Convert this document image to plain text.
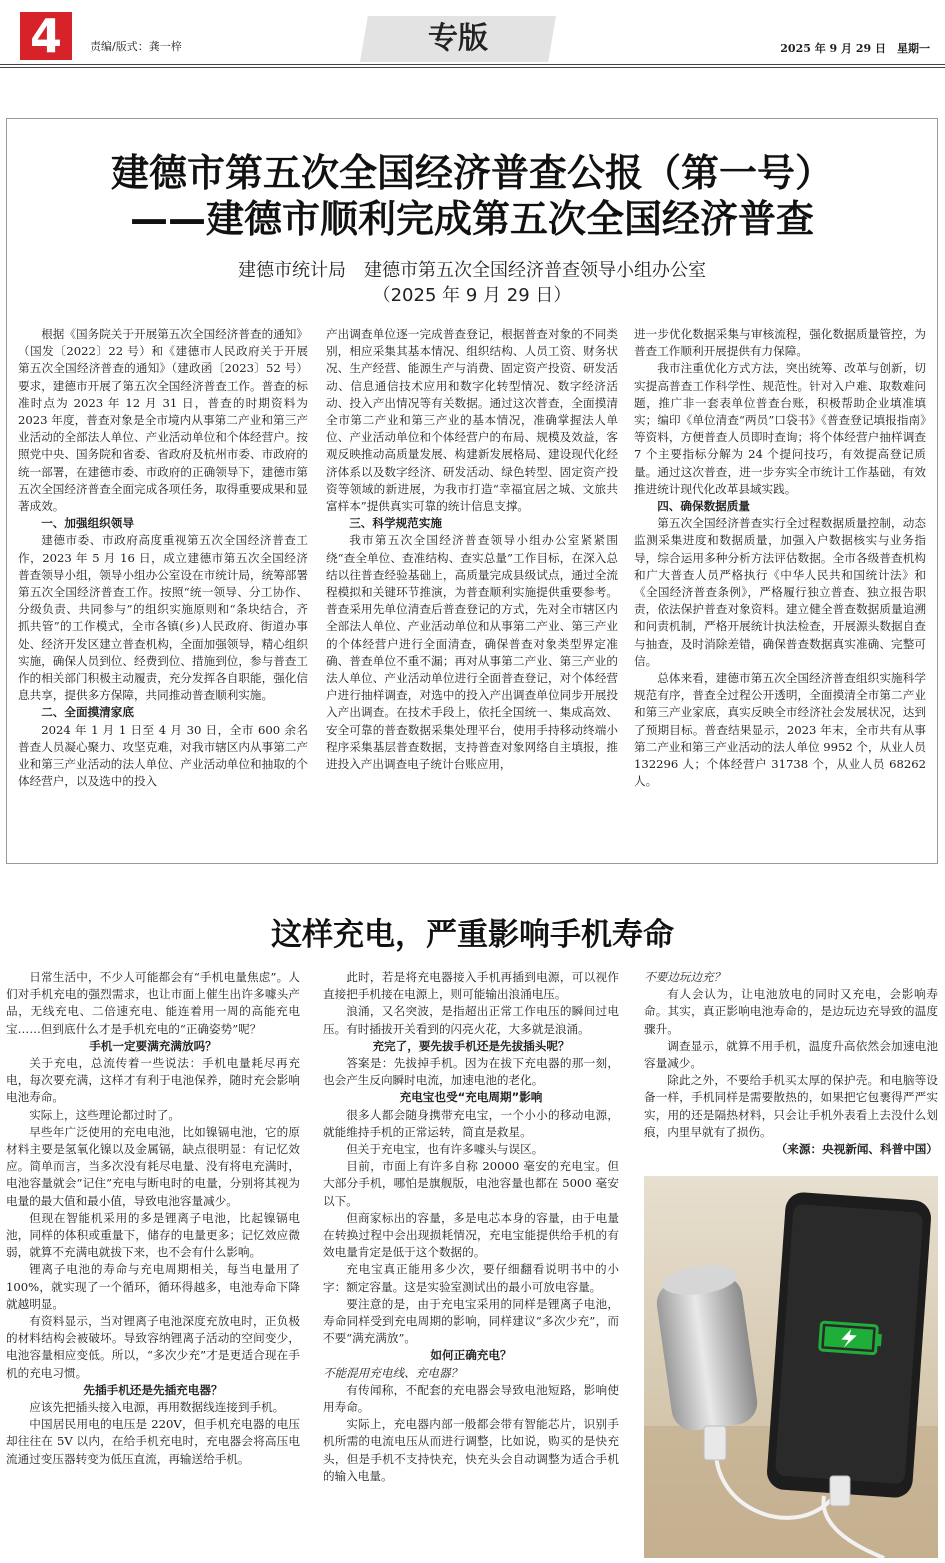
4	责编/版式：龚一梓	专版	2025 年 9 月 29 日　星期一
建德市第五次全国经济普查公报（第一号）
——建德市顺利完成第五次全国经济普查
建德市统计局　建德市第五次全国经济普查领导小组办公室
（2025 年 9 月 29 日）

根据《国务院关于开展第五次全国经济普查的通知》（国发〔2022〕22 号）和《建德市人民政府关于开展第五次全国经济普查的通知》（建政函〔2023〕52 号）要求，建德市开展了第五次全国经济普查工作。普查的标准时点为 2023 年 12 月 31 日，普查的时期资料为 2023 年度，普查对象是全市境内从事第二产业和第三产业活动的全部法人单位、产业活动单位和个体经营户。按照党中央、国务院和省委、省政府及杭州市委、市政府的统一部署，在建德市委、市政府的正确领导下，建德市第五次全国经济普查全面完成各项任务，取得重要成果和显著成效。

一、加强组织领导

建德市委、市政府高度重视第五次全国经济普查工作，2023 年 5 月 16 日，成立建德市第五次全国经济普查领导小组，领导小组办公室设在市统计局，统筹部署第五次全国经济普查工作。按照“统一领导、分工协作、分级负责、共同参与”的组织实施原则和“条块结合，齐抓共管”的工作模式，全市各镇(乡)人民政府、街道办事处、经济开发区建立普查机构，全面加强领导，精心组织实施，确保人员到位、经费到位、措施到位，参与普查工作的相关部门积极主动履责，充分发挥各自职能，强化信息共享，提供多方保障，共同推动普查顺利实施。

二、全面摸清家底

2024 年 1 月 1 日至 4 月 30 日，全市 600 余名普查人员凝心聚力、攻坚克难，对我市辖区内从事第二产业和第三产业活动的法人单位、产业活动单位和抽取的个体经营户，以及选中的投入

产出调查单位逐一完成普查登记，根据普查对象的不同类别，相应采集其基本情况、组织结构、人员工资、财务状况、生产经营、能源生产与消费、固定资产投资、研发活动、信息通信技术应用和数字化转型情况、数字经济活动、投入产出情况等有关数据。通过这次普查，全面摸清全市第二产业和第三产业的基本情况，准确掌握法人单位、产业活动单位和个体经营户的布局、规模及效益，客观反映推动高质量发展、构建新发展格局、建设现代化经济体系以及数字经济、研发活动、绿色转型、固定资产投资等领域的新进展，为我市打造“幸福宜居之城、文旅共富样本”提供真实可靠的统计信息支撑。

三、科学规范实施

我市第五次全国经济普查领导小组办公室紧紧围绕“查全单位、查准结构、查实总量”工作目标，在深入总结以往普查经验基础上，高质量完成县级试点，通过全流程模拟和关键环节推演，为普查顺利实施提供重要参考。普查采用先单位清查后普查登记的方式，先对全市辖区内全部法人单位、产业活动单位和从事第二产业、第三产业的个体经营户进行全面清查，确保普查对象类型界定准确、普查单位不重不漏；再对从事第二产业、第三产业的法人单位、产业活动单位进行全面普查登记，对个体经营户进行抽样调查，对选中的投入产出调查单位同步开展投入产出调查。在技术手段上，依托全国统一、集成高效、安全可靠的普查数据采集处理平台，使用手持移动终端小程序采集基层普查数据，支持普查对象网络自主填报，推进投入产出调查电子统计台账应用，

进一步优化数据采集与审核流程，强化数据质量管控，为普查工作顺利开展提供有力保障。

我市注重优化方式方法，突出统筹、改革与创新，切实提高普查工作科学性、规范性。针对入户难、取数难问题，推广非一套表单位普查台账，积极帮助企业填准填实；编印《单位清查“两员”口袋书》《普查登记填报指南》等资料，方便普查人员即时查询；将个体经营户抽样调查 7 个主要指标分解为 24 个提问技巧，有效提高登记质量。通过这次普查，进一步夯实全市统计工作基础，有效推进统计现代化改革县域实践。

四、确保数据质量

第五次全国经济普查实行全过程数据质量控制，动态监测采集进度和数据质量，加强入户数据核实与业务指导，综合运用多种分析方法评估数据。全市各级普查机构和广大普查人员严格执行《中华人民共和国统计法》和《全国经济普查条例》，严格履行独立普查、独立报告职责，依法保护普查对象资料。建立健全普查数据质量追溯和问责机制，严格开展统计执法检查，开展源头数据自查与抽查，及时消除差错，确保普查数据真实准确、完整可信。

总体来看，建德市第五次全国经济普查组织实施科学规范有序，普查全过程公开透明，全面摸清全市第二产业和第三产业家底，真实反映全市经济社会发展状况，达到了预期目标。普查结果显示，2023 年末，全市共有从事第二产业和第三产业活动的法人单位 9952 个，从业人员 132296 人；个体经营户 31738 个，从业人员 68262 人。

这样充电，严重影响手机寿命

日常生活中，不少人可能都会有“手机电量焦虑”。人们对手机充电的强烈需求，也让市面上催生出许多噱头产品，无线充电、二倍速充电、能连着用一周的高能充电宝……但到底什么才是手机充电的“正确姿势”呢？

手机一定要满充满放吗？

关于充电，总流传着一些说法：手机电量耗尽再充电，每次要充满，这样才有利于电池保养，随时充会影响电池寿命。

实际上，这些理论都过时了。

早些年广泛使用的充电电池，比如镍镉电池，它的原材料主要是氢氧化镍以及金属镉，缺点很明显：有记忆效应。简单而言，当多次没有耗尽电量、没有将电充满时，电池容量就会“记住”充电与断电时的电量，分别将其视为电量的最大值和最小值，导致电池容量减少。

但现在智能机采用的多是锂离子电池，比起镍镉电池，同样的体积或重量下，储存的电量更多；记忆效应微弱，就算不充满电就拔下来，也不会有什么影响。

锂离子电池的寿命与充电周期相关，每当电量用了 100%，就实现了一个循环，循环得越多，电池寿命下降就越明显。

有资料显示，当对锂离子电池深度充放电时，正负极的材料结构会被破坏。导致容纳锂离子活动的空间变少，电池容量相应变低。所以，“多次少充”才是更适合现在手机的充电习惯。

先插手机还是先插充电器？

应该先把插头接入电源，再用数据线连接到手机。

中国居民用电的电压是 220V，但手机充电器的电压却往往在 5V 以内，在给手机充电时，充电器会将高压电流通过变压器转变为低压直流，再输送给手机。

此时，若是将充电器接入手机再插到电源，可以视作直接把手机接在电源上，则可能输出浪涌电压。

浪涌，又名突波，是指超出正常工作电压的瞬间过电压。有时插拔开关看到的闪亮火花，大多就是浪涌。

充完了，要先拔手机还是先拔插头呢？

答案是：先拔掉手机。因为在拔下充电器的那一刻，也会产生反向瞬时电流，加速电池的老化。

充电宝也受“充电周期”影响

很多人都会随身携带充电宝，一个小小的移动电源，就能维持手机的正常运转，简直是救星。

但关于充电宝，也有许多噱头与误区。

目前，市面上有许多自称 20000 毫安的充电宝。但大部分手机，哪怕是旗舰版，电池容量也都在 5000 毫安以下。

但商家标出的容量，多是电芯本身的容量，由于电量在转换过程中会出现损耗情况，充电宝能提供给手机的有效电量肯定是低于这个数据的。

充电宝真正能用多少次，要仔细翻看说明书中的小字：额定容量。这是实验室测试出的最小可放电容量。

要注意的是，由于充电宝采用的同样是锂离子电池，寿命同样受到充电周期的影响，同样建议“多次少充”，而不要“满充满放”。

如何正确充电？

不能混用充电线、充电器？

有传闻称，不配套的充电器会导致电池短路，影响使用寿命。

实际上，充电器内部一般都会带有智能芯片，识别手机所需的电流电压从而进行调整，比如说，购买的是快充头，但是手机不支持快充，快充头会自动调整为适合手机的输入电量。

不要边玩边充？

有人会认为，让电池放电的同时又充电，会影响寿命。其实，真正影响电池寿命的，是边玩边充导致的温度骤升。

调查显示，就算不用手机，温度升高依然会加速电池容量减少。

除此之外，不要给手机买太厚的保护壳。和电脑等设备一样，手机同样是需要散热的，如果把它包裹得严严实实，用的还是隔热材料，只会让手机外表看上去没什么划痕，内里早就有了损伤。

（来源：央视新闻、科普中国）
